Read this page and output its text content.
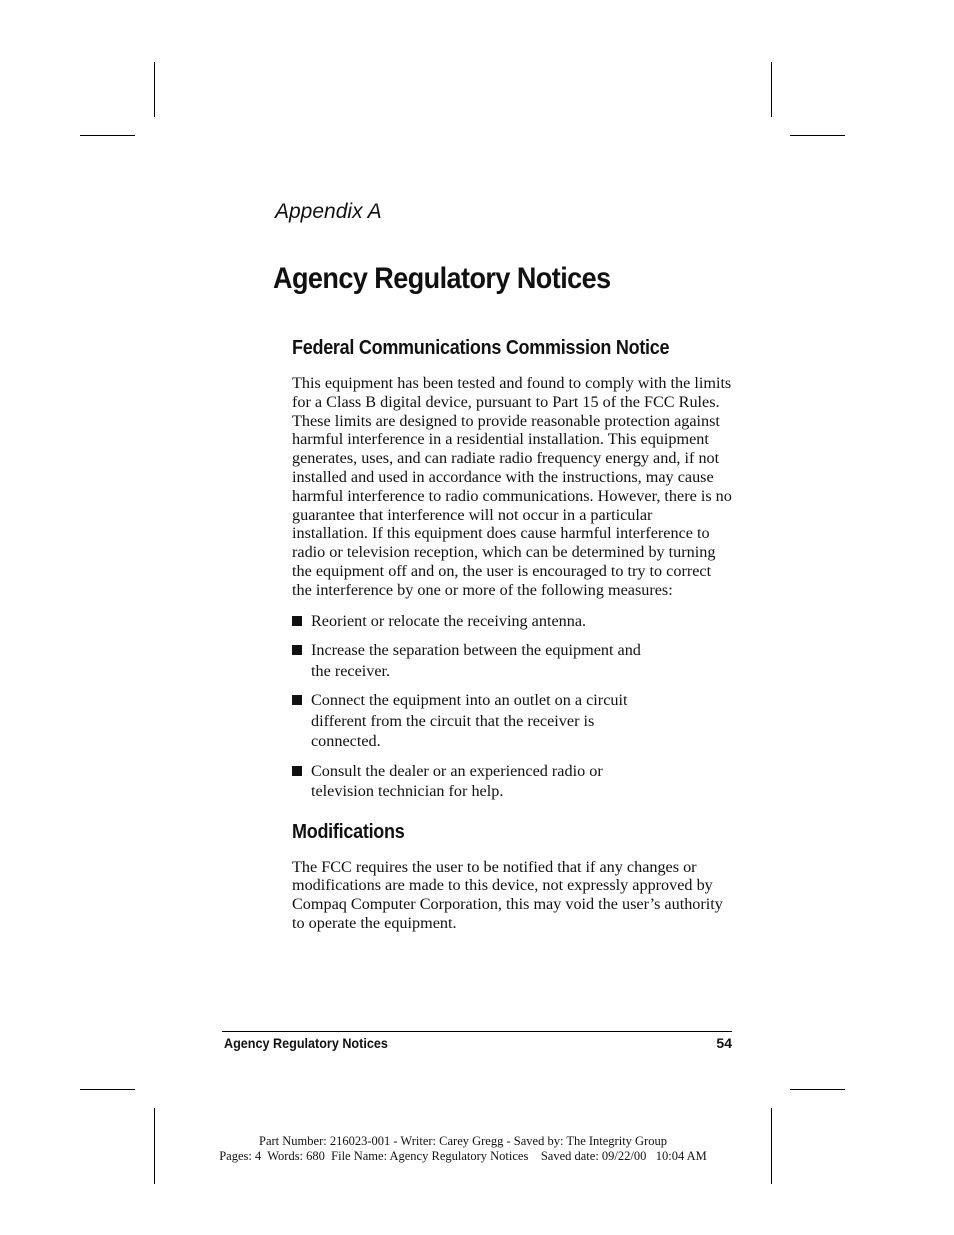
Appendix A
Agency Regulatory Notices
Federal Communications Commission Notice

This equipment has been tested and found to comply with the limits for a Class B digital device, pursuant to Part 15 of the FCC Rules. These limits are designed to provide reasonable protection against harmful interference in a residential installation. This equipment generates, uses, and can radiate radio frequency energy and, if not installed and used in accordance with the instructions, may cause harmful interference to radio communications. However, there is no guarantee that interference will not occur in a particular installation. If this equipment does cause harmful interference to radio or television reception, which can be determined by turning the equipment off and on, the user is encouraged to try to correct the interference by one or more of the following measures:

Reorient or relocate the receiving antenna.
Increase the separation between the equipment and the receiver.
Connect the equipment into an outlet on a circuit different from the circuit that the receiver is connected.
Consult the dealer or an experienced radio or television technician for help.
Modifications

The FCC requires the user to be notified that if any changes or modifications are made to this device, not expressly approved by Compaq Computer Corporation, this may void the user’s authority to operate the equipment.

Agency Regulatory Notices	54
Part Number: 216023-001 - Writer: Carey Gregg - Saved by: The Integrity Group
Pages: 4  Words: 680  File Name: Agency Regulatory Notices    Saved date: 09/22/00   10:04 AM
